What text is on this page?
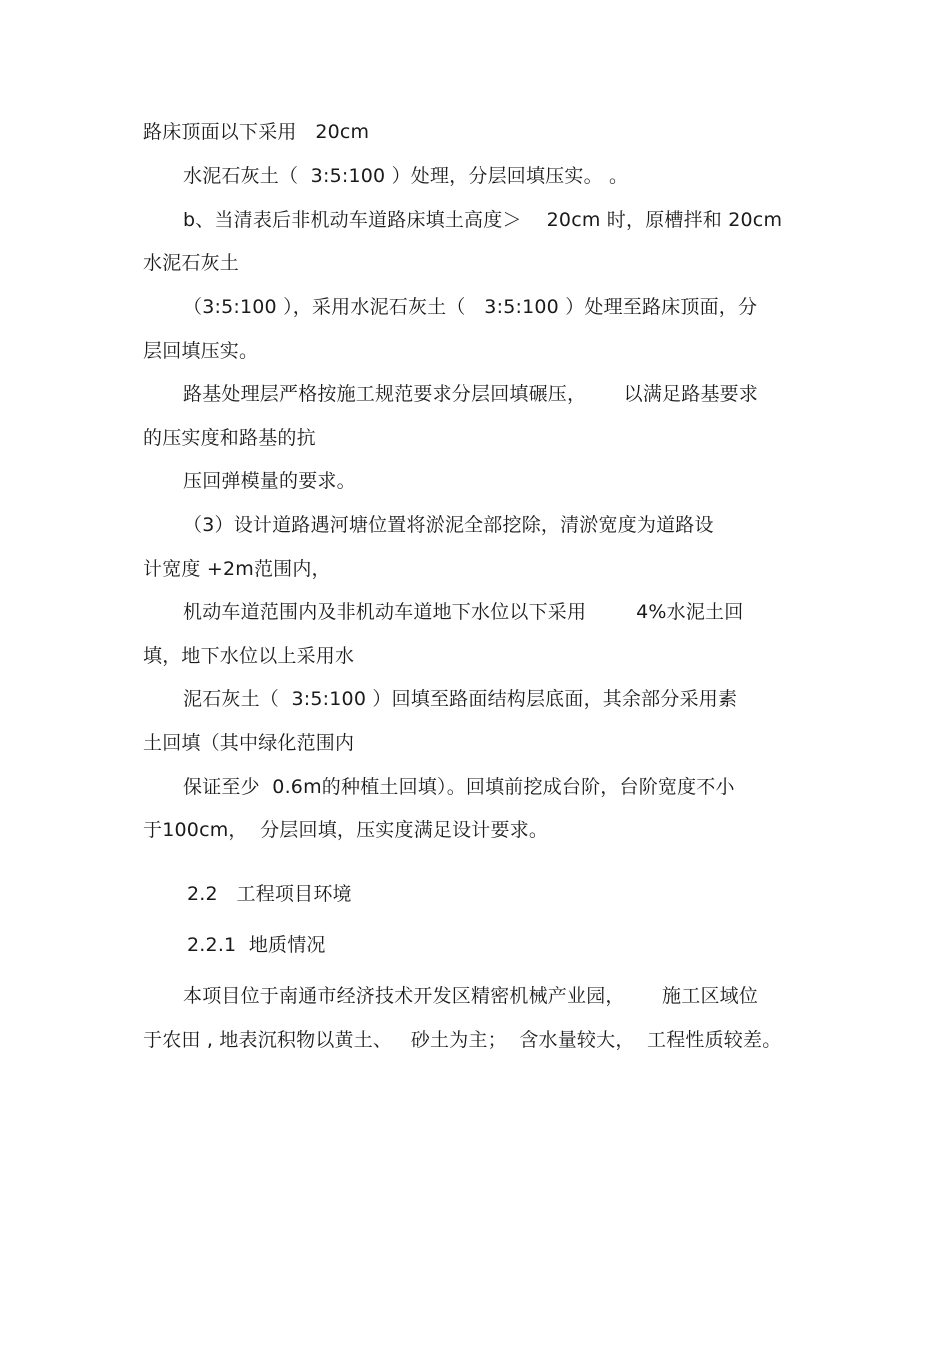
路床顶面以下采用   20cm
水泥石灰土（  3:5:100 ）处理，分层回填压实。 。
b、当清表后非机动车道路床填土高度＞    20cm 时，原槽拌和 20cm
水泥石灰土
（3:5:100 ），采用水泥石灰土（   3:5:100 ）处理至路床顶面，分
层回填压实。
路基处理层严格按施工规范要求分层回填碾压，      以满足路基要求
的压实度和路基的抗
压回弹模量的要求。
（3）设计道路遇河塘位置将淤泥全部挖除，清淤宽度为道路设
计宽度 +2m范围内，
机动车道范围内及非机动车道地下水位以下采用        4%水泥土回
填，地下水位以上采用水
泥石灰土（  3:5:100 ）回填至路面结构层底面，其余部分采用素
土回填（其中绿化范围内
保证至少  0.6m的种植土回填）。回填前挖成台阶，台阶宽度不小
于100cm，  分层回填，压实度满足设计要求。
2.2   工程项目环境
2.2.1  地质情况
本项目位于南通市经济技术开发区精密机械产业园，      施工区域位
于农田 , 地表沉积物以黄土、   砂土为主；  含水量较大，  工程性质较差。
